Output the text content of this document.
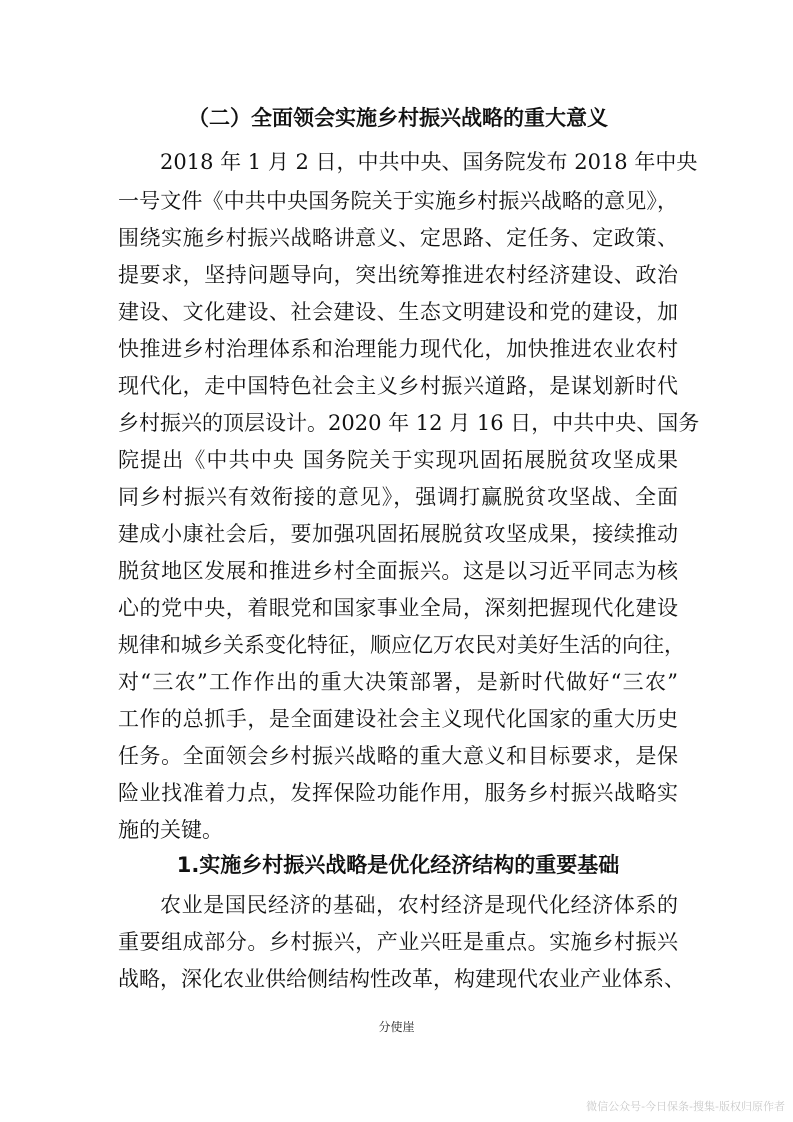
（二）全面领会实施乡村振兴战略的重大意义

2018 年 1 月 2 日，中共中央、国务院发布 2018 年中央

一号文件《中共中央国务院关于实施乡村振兴战略的意见》，

围绕实施乡村振兴战略讲意义、定思路、定任务、定政策、

提要求，坚持问题导向，突出统筹推进农村经济建设、政治

建设、文化建设、社会建设、生态文明建设和党的建设，加

快推进乡村治理体系和治理能力现代化，加快推进农业农村

现代化，走中国特色社会主义乡村振兴道路，是谋划新时代

乡村振兴的顶层设计。2020 年 12 月 16 日，中共中央、国务

院提出《中共中央 国务院关于实现巩固拓展脱贫攻坚成果

同乡村振兴有效衔接的意见》，强调打赢脱贫攻坚战、全面

建成小康社会后，要加强巩固拓展脱贫攻坚成果，接续推动

脱贫地区发展和推进乡村全面振兴。这是以习近平同志为核

心的党中央，着眼党和国家事业全局，深刻把握现代化建设

规律和城乡关系变化特征，顺应亿万农民对美好生活的向往，

对“三农”工作作出的重大决策部署，是新时代做好“三农”

工作的总抓手，是全面建设社会主义现代化国家的重大历史

任务。全面领会乡村振兴战略的重大意义和目标要求，是保

险业找准着力点，发挥保险功能作用，服务乡村振兴战略实

施的关键。

1.实施乡村振兴战略是优化经济结构的重要基础

农业是国民经济的基础，农村经济是现代化经济体系的

重要组成部分。乡村振兴，产业兴旺是重点。实施乡村振兴

战略，深化农业供给侧结构性改革，构建现代农业产业体系、

分使崖
微信公众号-今日保条-搜集-版权归原作者
